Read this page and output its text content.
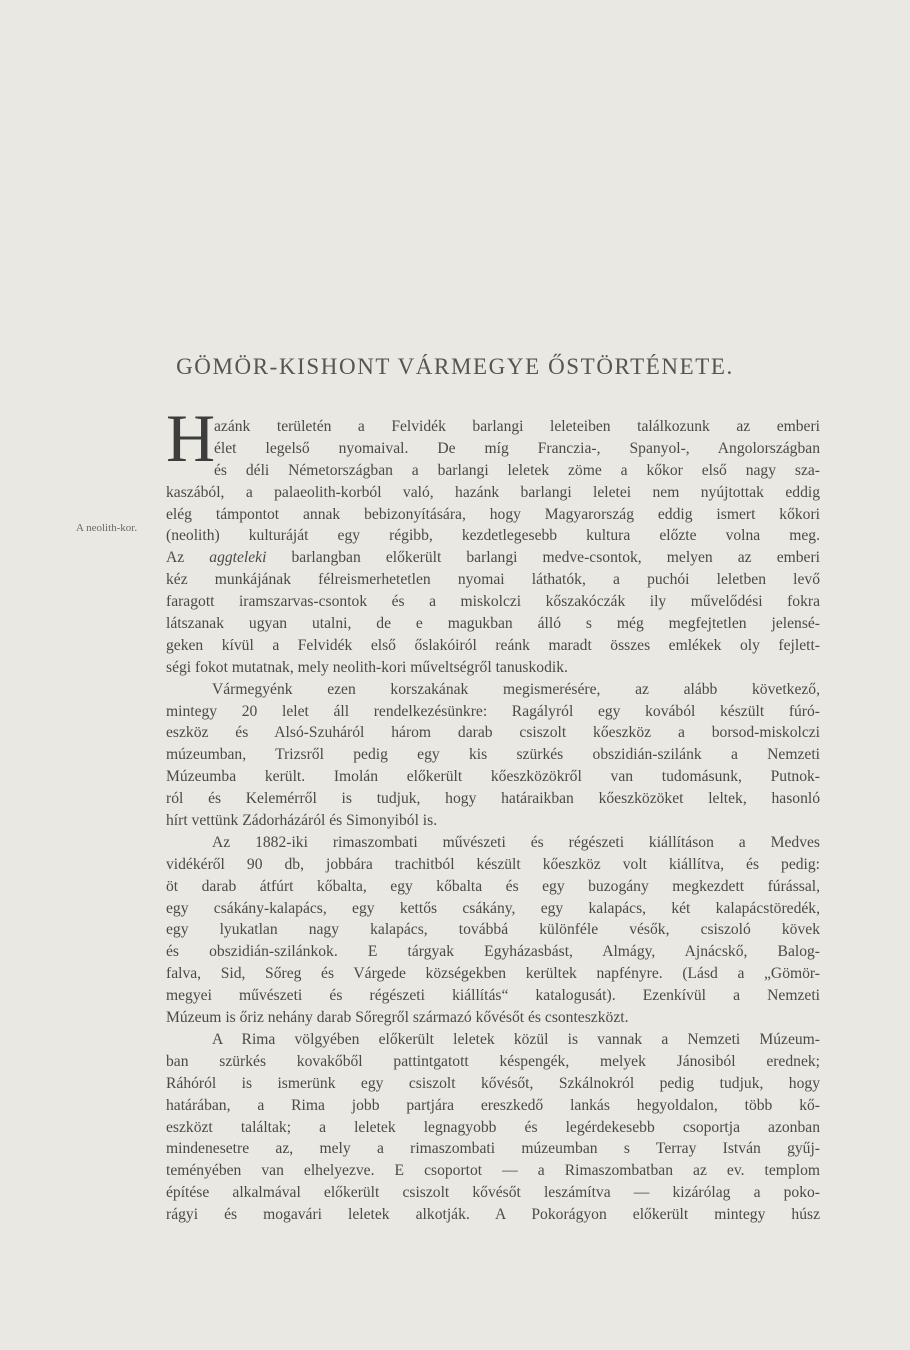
GÖMÖR-KISHONT VÁRMEGYE ŐSTÖRTÉNETE.
H
A neolith-kor.
azánk területén a Felvidék barlangi leleteiben találkozunk az emberi
élet legelső nyomaival. De míg Francziа-, Spanyol-, Angolországban
és déli Németországban a barlangi leletek zöme a kőkor első nagy sza-
kaszából, a palaeolith-korból való, hazánk barlangi leletei nem nyújtottak eddig
elég támpontot annak bebizonyítására, hogy Magyarország eddig ismert kőkori
(neolith) kulturáját egy régibb, kezdetlegesebb kultura előzte volna meg.
Az aggteleki barlangban előkerült barlangi medve-csontok, melyen az emberi
kéz munkájának félreismerhetetlen nyomai láthatók, a puchói leletben levő
faragott iramszarvas-csontok és a miskolczi kőszakóczák ily művelődési fokra
látszanak ugyan utalni, de e magukban álló s még megfejtetlen jelensé-
geken kívül a Felvidék első őslakóiról reánk maradt összes emlékek oly fejlett-
ségi fokot mutatnak, mely neolith-kori műveltségről tanuskodik.
Vármegyénk ezen korszakának megismerésére, az alább következő,
mintegy 20 lelet áll rendelkezésünkre: Ragályról egy kovából készült fúró-
eszköz és Alsó-Szuháról három darab csiszolt kőeszköz a borsod-miskolczi
múzeumban, Trizsről pedig egy kis szürkés obszidián-szilánk a Nemzeti
Múzeumba került. Imolán előkerült kőeszközökről van tudomásunk, Putnok-
ról és Kelemérről is tudjuk, hogy határaikban kőeszközöket leltek, hasonló
hírt vettünk Zádorházáról és Simonyiból is.
Az 1882-iki rimaszombati művészeti és régészeti kiállításon a Medves
vidékéről 90 db, jobbára trachitból készült kőeszköz volt kiállítva, és pedig:
öt darab átfúrt kőbalta, egy kőbalta és egy buzogány megkezdett fúrással,
egy csákány-kalapács, egy kettős csákány, egy kalapács, két kalapácstöredék,
egy lyukatlan nagy kalapács, továbbá különféle vésők, csiszoló kövek
és obszidián-szilánkok. E tárgyak Egyházasbást, Almágy, Ajnácskő, Balog-
falva, Sid, Sőreg és Várgede községekben kerültek napfényre. (Lásd a „Gömör-
megyei művészeti és régészeti kiállítás“ katalogusát). Ezenkívül a Nemzeti
Múzeum is őriz nehány darab Sőregről származó kővésőt és csonteszközt.
A Rima völgyében előkerült leletek közül is vannak a Nemzeti Múzeum-
ban szürkés kovakőből pattintgatott késpengék, melyek Jánosiból erednek;
Ráhóról is ismerünk egy csiszolt kővésőt, Szkálnokról pedig tudjuk, hogy
határában, a Rima jobb partjára ereszkedő lankás hegyoldalon, több kő-
eszközt találtak; a leletek legnagyobb és legérdekesebb csoportja azonban
mindenesetre az, mely a rimaszombati múzeumban s Terray István gyűj-
teményében van elhelyezve. E csoportot — a Rimaszombatban az ev. templom
építése alkalmával előkerült csiszolt kővésőt leszámítva — kizárólag a poko-
rágyi és mogavári leletek alkotják. A Pokorágyon előkerült mintegy húsz
